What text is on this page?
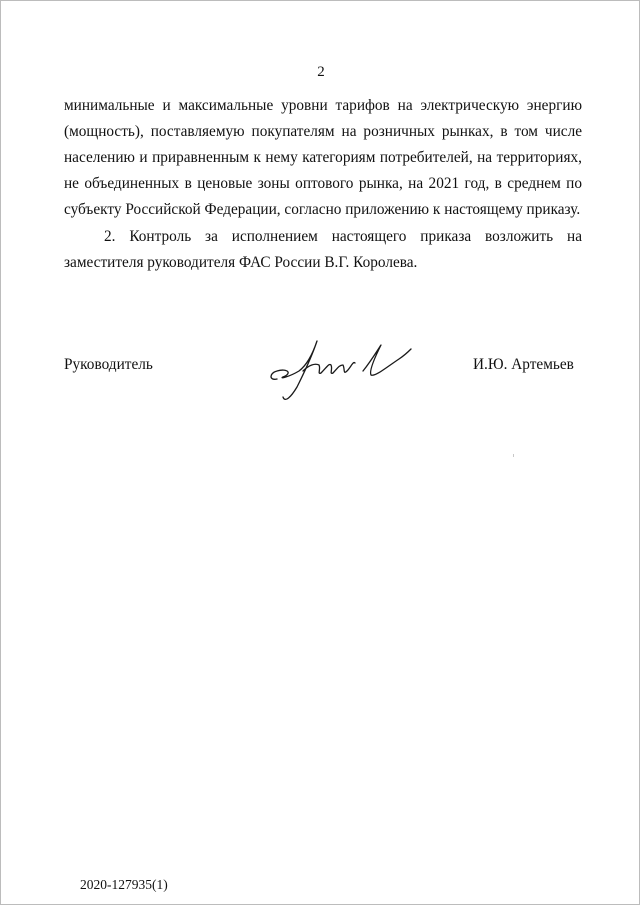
2
минимальные и максимальные уровни тарифов на электрическую энергию
(мощность), поставляемую покупателям на розничных рынках, в том числе
населению и приравненным к нему категориям потребителей, на территориях,
не объединенных в ценовые зоны оптового рынка, на 2021 год, в среднем по
субъекту Российской Федерации, согласно приложению к настоящему приказу.
2. Контроль за исполнением настоящего приказа возложить на
заместителя руководителя ФАС России В.Г. Королева.
Руководитель	И.Ю. Артемьев
2020-127935(1)
